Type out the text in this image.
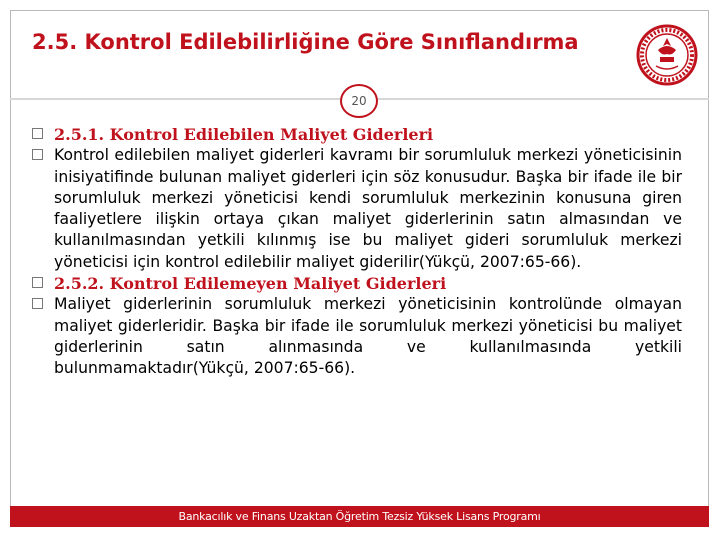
2.5. Kontrol Edilebilirliğine Göre Sınıflandırma
20

2.5.1. Kontrol Edilebilen Maliyet Giderleri

Kontrol edilebilen maliyet giderleri kavramı bir sorumluluk merkezi yöneticisinin inisiyatifinde bulunan maliyet giderleri için söz konusudur. Başka bir ifade ile bir sorumluluk merkezi yöneticisi kendi sorumluluk merkezinin konusuna giren faaliyetlere ilişkin ortaya çıkan maliyet giderlerinin satın almasından ve kullanılmasından yetkili kılınmış ise bu maliyet gideri sorumluluk merkezi yöneticisi için kontrol edilebilir maliyet giderilir(Yükçü, 2007:65-66).

2.5.2. Kontrol Edilemeyen Maliyet Giderleri

Maliyet giderlerinin sorumluluk merkezi yöneticisinin kontrolünde olmayan maliyet giderleridir. Başka bir ifade ile sorumluluk merkezi yöneticisi bu maliyet giderlerinin satın alınmasında ve kullanılmasında yetkili bulunmamaktadır(Yükçü, 2007:65-66).

Bankacılık ve Finans Uzaktan Öğretim Tezsiz Yüksek Lisans Programı
